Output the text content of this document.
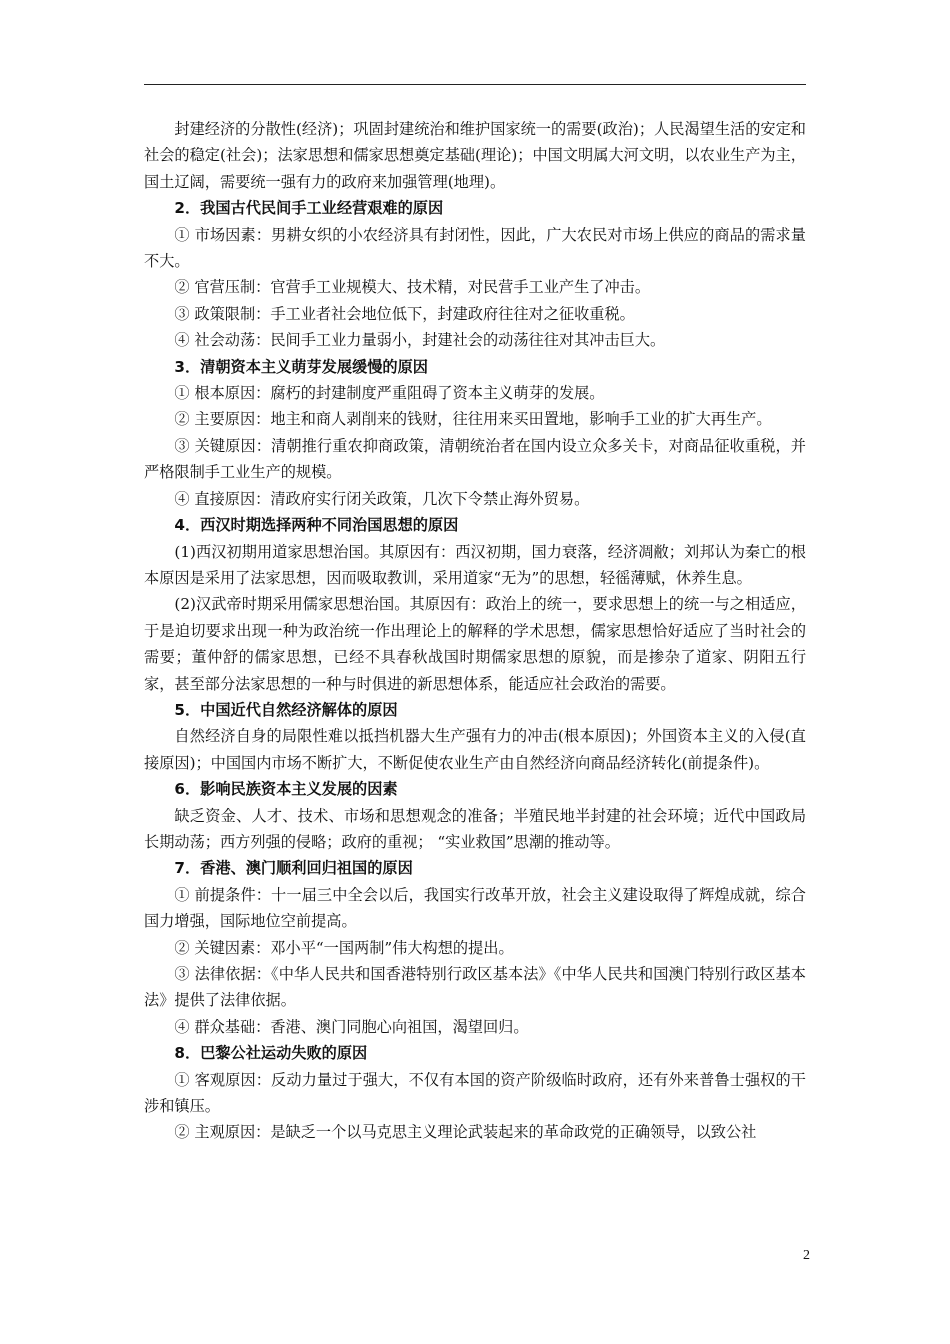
封建经济的分散性(经济)；巩固封建统治和维护国家统一的需要(政治)；人民渴望生活的安定和社会的稳定(社会)；法家思想和儒家思想奠定基础(理论)；中国文明属大河文明，以农业生产为主，国土辽阔，需要统一强有力的政府来加强管理(地理)。

2．我国古代民间手工业经营艰难的原因

① 市场因素：男耕女织的小农经济具有封闭性，因此，广大农民对市场上供应的商品的需求量不大。

② 官营压制：官营手工业规模大、技术精，对民营手工业产生了冲击。

③ 政策限制：手工业者社会地位低下，封建政府往往对之征收重税。

④ 社会动荡：民间手工业力量弱小，封建社会的动荡往往对其冲击巨大。

3．清朝资本主义萌芽发展缓慢的原因

① 根本原因：腐朽的封建制度严重阻碍了资本主义萌芽的发展。

② 主要原因：地主和商人剥削来的钱财，往往用来买田置地，影响手工业的扩大再生产。

③ 关键原因：清朝推行重农抑商政策，清朝统治者在国内设立众多关卡，对商品征收重税，并严格限制手工业生产的规模。

④ 直接原因：清政府实行闭关政策，几次下令禁止海外贸易。

4．西汉时期选择两种不同治国思想的原因

(1)西汉初期用道家思想治国。其原因有：西汉初期，国力衰落，经济凋敝；刘邦认为秦亡的根本原因是采用了法家思想，因而吸取教训，采用道家“无为”的思想，轻徭薄赋，休养生息。

(2)汉武帝时期采用儒家思想治国。其原因有：政治上的统一，要求思想上的统一与之相适应，于是迫切要求出现一种为政治统一作出理论上的解释的学术思想，儒家思想恰好适应了当时社会的需要；董仲舒的儒家思想，已经不具春秋战国时期儒家思想的原貌，而是掺杂了道家、阴阳五行家，甚至部分法家思想的一种与时俱进的新思想体系，能适应社会政治的需要。

5．中国近代自然经济解体的原因

自然经济自身的局限性难以抵挡机器大生产强有力的冲击(根本原因)；外国资本主义的入侵(直接原因)；中国国内市场不断扩大，不断促使农业生产由自然经济向商品经济转化(前提条件)。

6．影响民族资本主义发展的因素

缺乏资金、人才、技术、市场和思想观念的准备；半殖民地半封建的社会环境；近代中国政局长期动荡；西方列强的侵略；政府的重视； “实业救国”思潮的推动等。

7．香港、澳门顺利回归祖国的原因

① 前提条件：十一届三中全会以后，我国实行改革开放，社会主义建设取得了辉煌成就，综合国力增强，国际地位空前提高。

② 关键因素：邓小平“一国两制”伟大构想的提出。

③ 法律依据：《中华人民共和国香港特别行政区基本法》《中华人民共和国澳门特别行政区基本法》提供了法律依据。

④ 群众基础：香港、澳门同胞心向祖国，渴望回归。

8．巴黎公社运动失败的原因

① 客观原因：反动力量过于强大，不仅有本国的资产阶级临时政府，还有外来普鲁士强权的干涉和镇压。

② 主观原因：是缺乏一个以马克思主义理论武装起来的革命政党的正确领导，以致公社

2
